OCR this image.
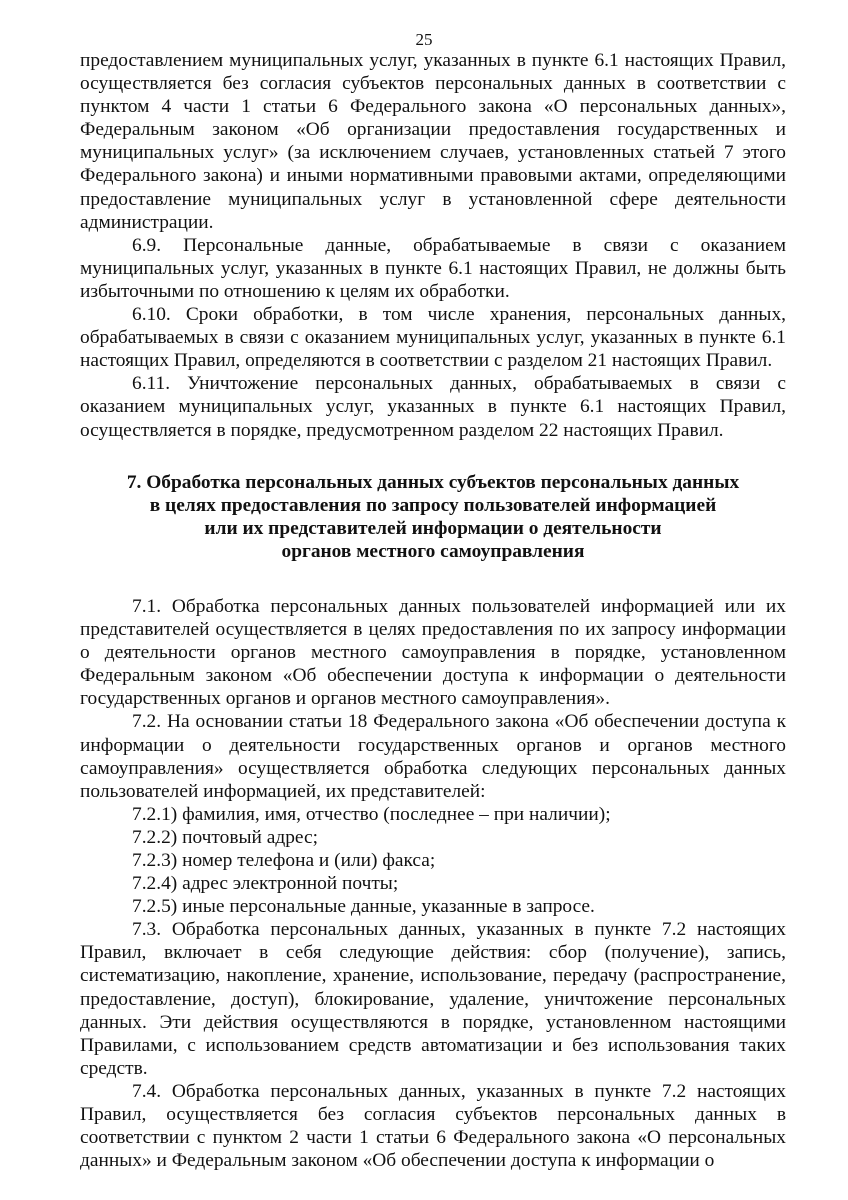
25

предоставлением муниципальных услуг, указанных в пункте 6.1 настоящих Правил, осуществляется без согласия субъектов персональных данных в соответствии с пунктом 4 части 1 статьи 6 Федерального закона «О персональных данных», Федеральным законом «Об организации предоставления государственных и муниципальных услуг» (за исключением случаев, установленных статьей 7 этого Федерального закона) и иными нормативными правовыми актами, определяющими предоставление муниципальных услуг в установленной сфере деятельности администрации.

6.9. Персональные данные, обрабатываемые в связи с оказанием муниципальных услуг, указанных в пункте 6.1 настоящих Правил, не должны быть избыточными по отношению к целям их обработки.

6.10. Сроки обработки, в том числе хранения, персональных данных, обрабатываемых в связи с оказанием муниципальных услуг, указанных в пункте 6.1 настоящих Правил, определяются в соответствии с разделом 21 настоящих Правил.

6.11. Уничтожение персональных данных, обрабатываемых в связи с оказанием муниципальных услуг, указанных в пункте 6.1 настоящих Правил, осуществляется в порядке, предусмотренном разделом 22 настоящих Правил.

7. Обработка персональных данных субъектов персональных данных
в целях предоставления по запросу пользователей информацией
или их представителей информации о деятельности
органов местного самоуправления

7.1. Обработка персональных данных пользователей информацией или их представителей осуществляется в целях предоставления по их запросу информации о деятельности органов местного самоуправления в порядке, установленном Федеральным законом «Об обеспечении доступа к информации о деятельности государственных органов и органов местного самоуправления».

7.2. На основании статьи 18 Федерального закона «Об обеспечении доступа к информации о деятельности государственных органов и органов местного самоуправления» осуществляется обработка следующих персональных данных пользователей информацией, их представителей:

7.2.1) фамилия, имя, отчество (последнее – при наличии);

7.2.2) почтовый адрес;

7.2.3) номер телефона и (или) факса;

7.2.4) адрес электронной почты;

7.2.5) иные персональные данные, указанные в запросе.

7.3. Обработка персональных данных, указанных в пункте 7.2 настоящих Правил, включает в себя следующие действия: сбор (получение), запись, систематизацию, накопление, хранение, использование, передачу (распространение, предоставление, доступ), блокирование, удаление, уничтожение персональных данных. Эти действия осуществляются в порядке, установленном настоящими Правилами, с использованием средств автоматизации и без использования таких средств.

7.4. Обработка персональных данных, указанных в пункте 7.2 настоящих Правил, осуществляется без согласия субъектов персональных данных в соответствии с пунктом 2 части 1 статьи 6 Федерального закона «О персональных данных» и Федеральным законом «Об обеспечении доступа к информации о
